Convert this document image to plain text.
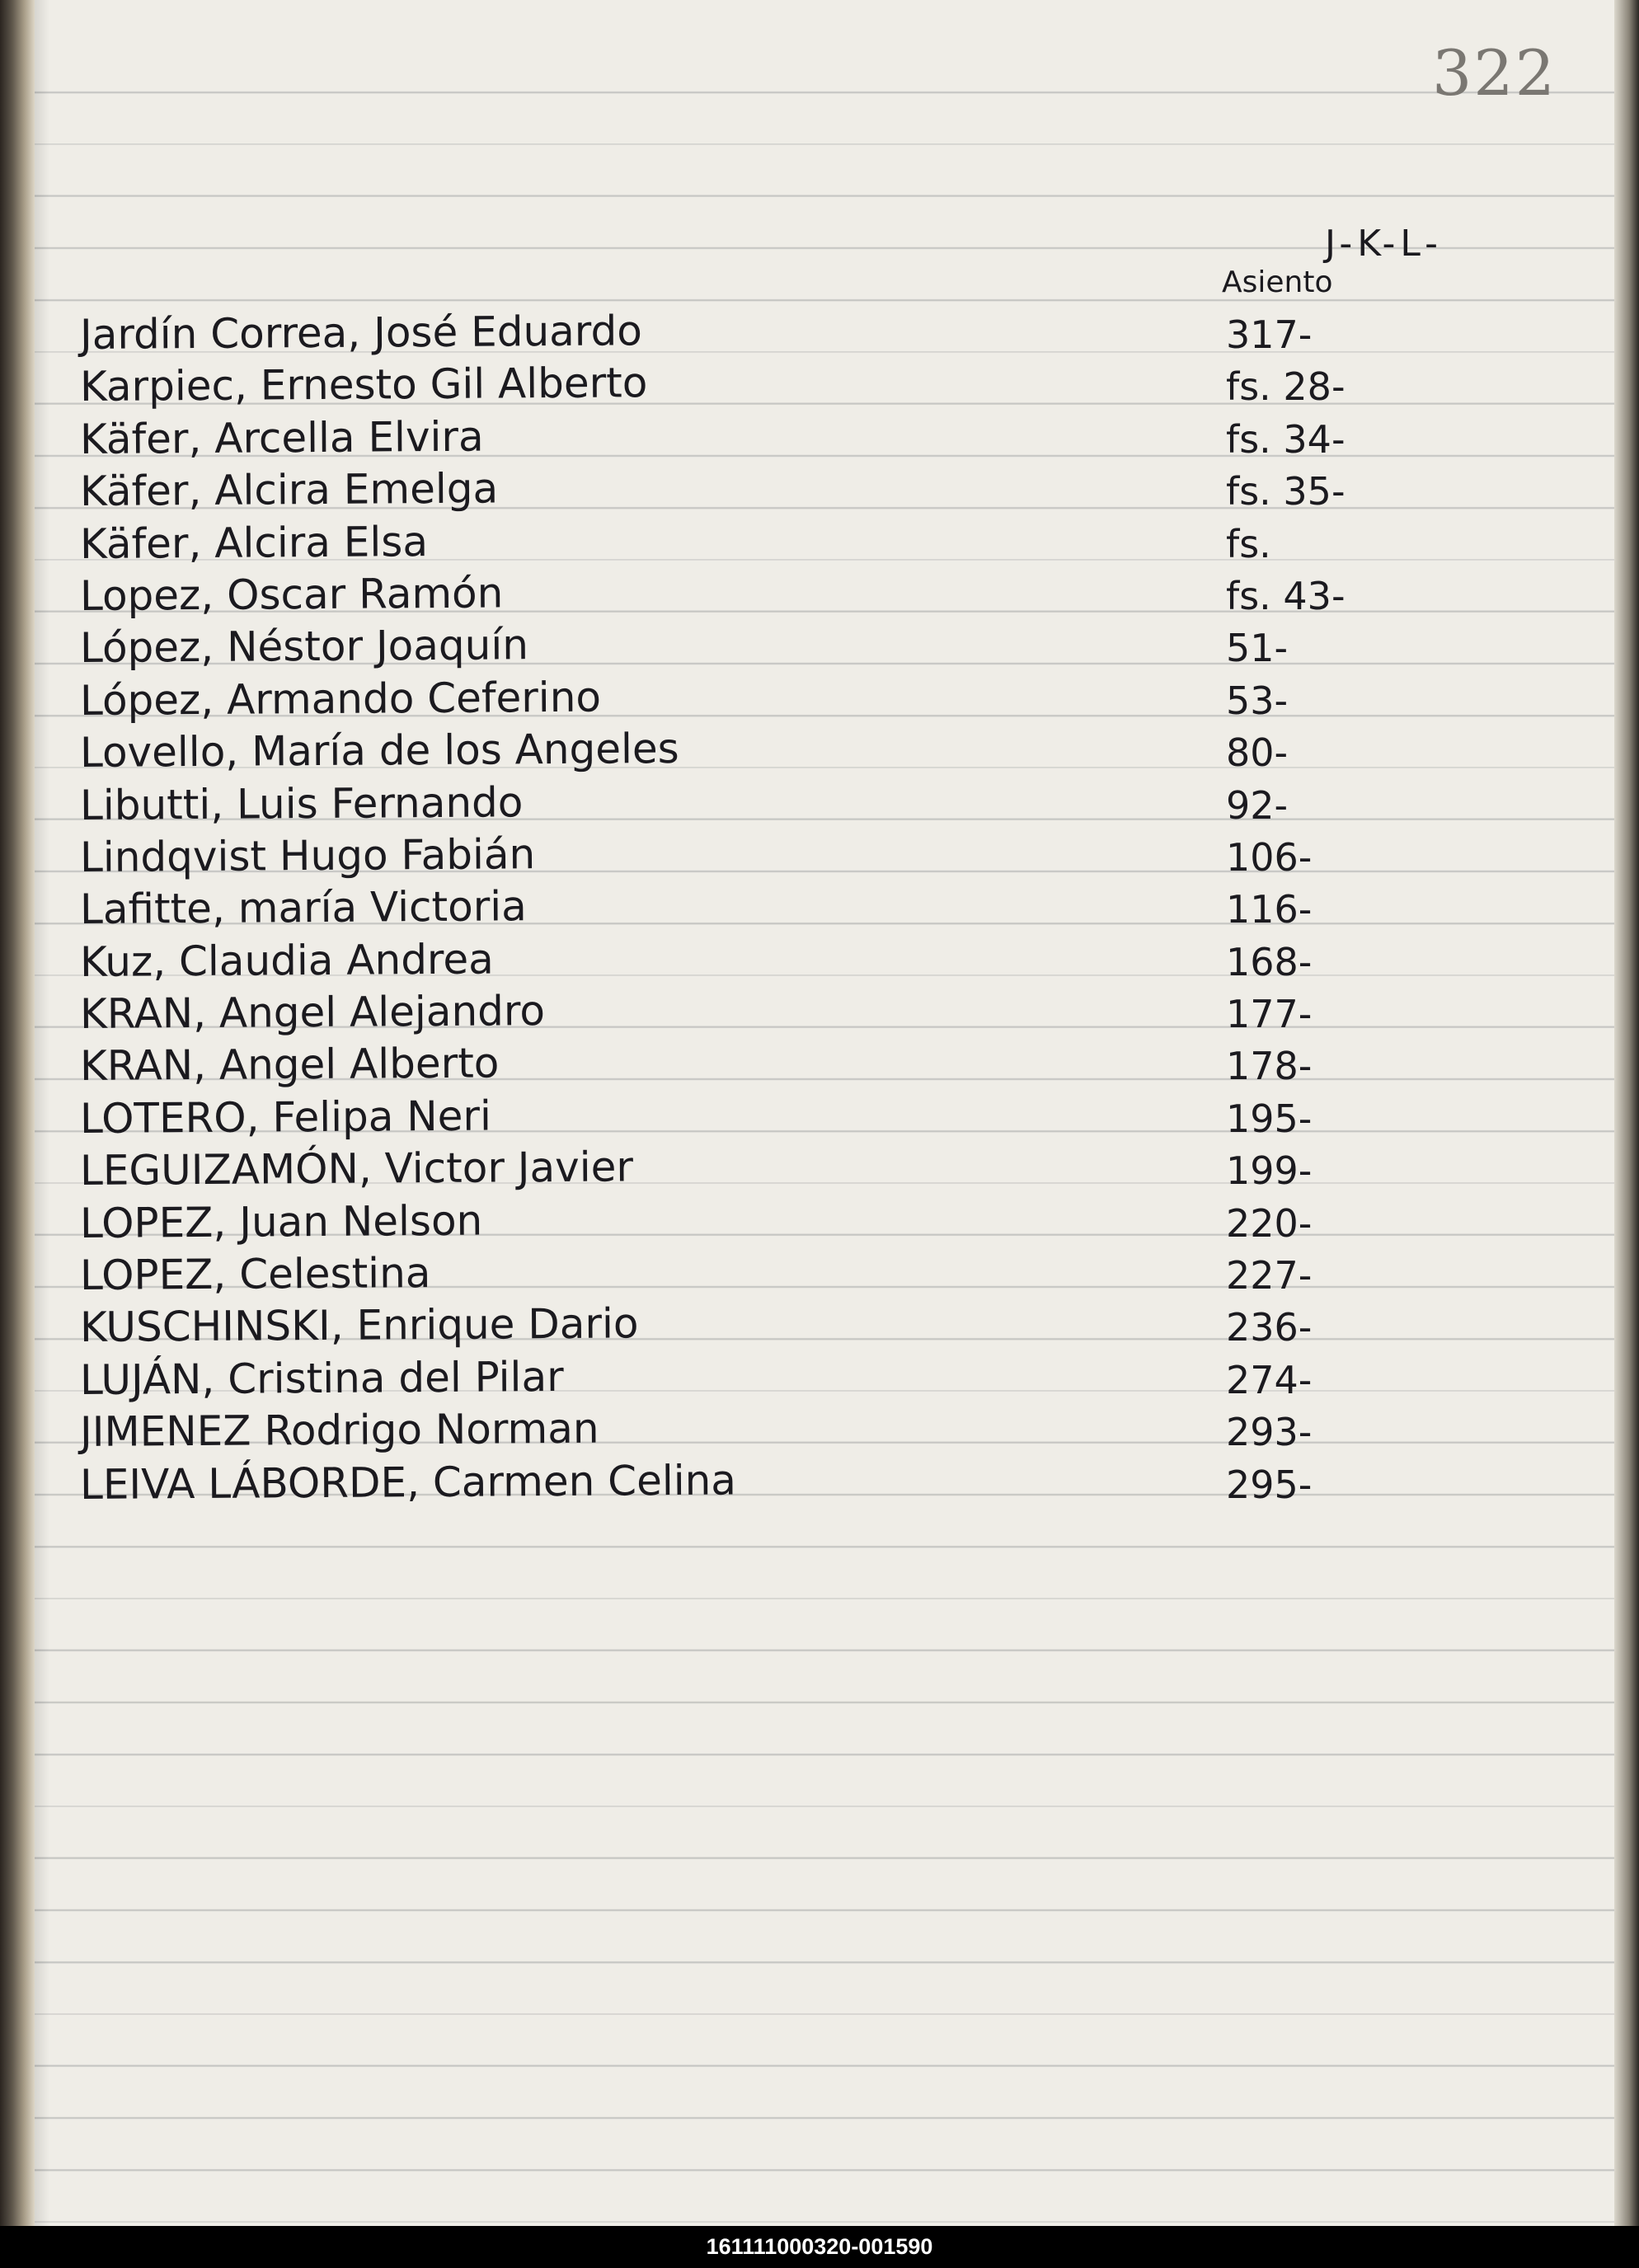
322

J-K-L-
Asiento
Jardín Correa, José Eduardo	317-
Karpiec, Ernesto Gil Alberto	fs. 28-
Käfer, Arcella Elvira	fs. 34-
Käfer, Alcira Emelga	fs. 35-
Käfer, Alcira Elsa	fs.
Lopez, Oscar Ramón	fs. 43-
López, Néstor Joaquín	51-
López, Armando Ceferino	53-
Lovello, María de los Angeles	80-
Libutti, Luis Fernando	92-
Lindqvist Hugo Fabián	106-
Lafitte, maría Victoria	116-
Kuz, Claudia Andrea	168-
KRAN, Angel Alejandro	177-
KRAN, Angel Alberto	178-
LOTERO, Felipa Neri	195-
LEGUIZAMÓN, Victor Javier	199-
LOPEZ, Juan Nelson	220-
LOPEZ, Celestina	227-
KUSCHINSKI, Enrique Dario	236-
LUJÁN, Cristina del Pilar	274-
JIMENEZ Rodrigo Norman	293-
LEIVA LÁBORDE, Carmen Celina	295-
161111000320-001590
